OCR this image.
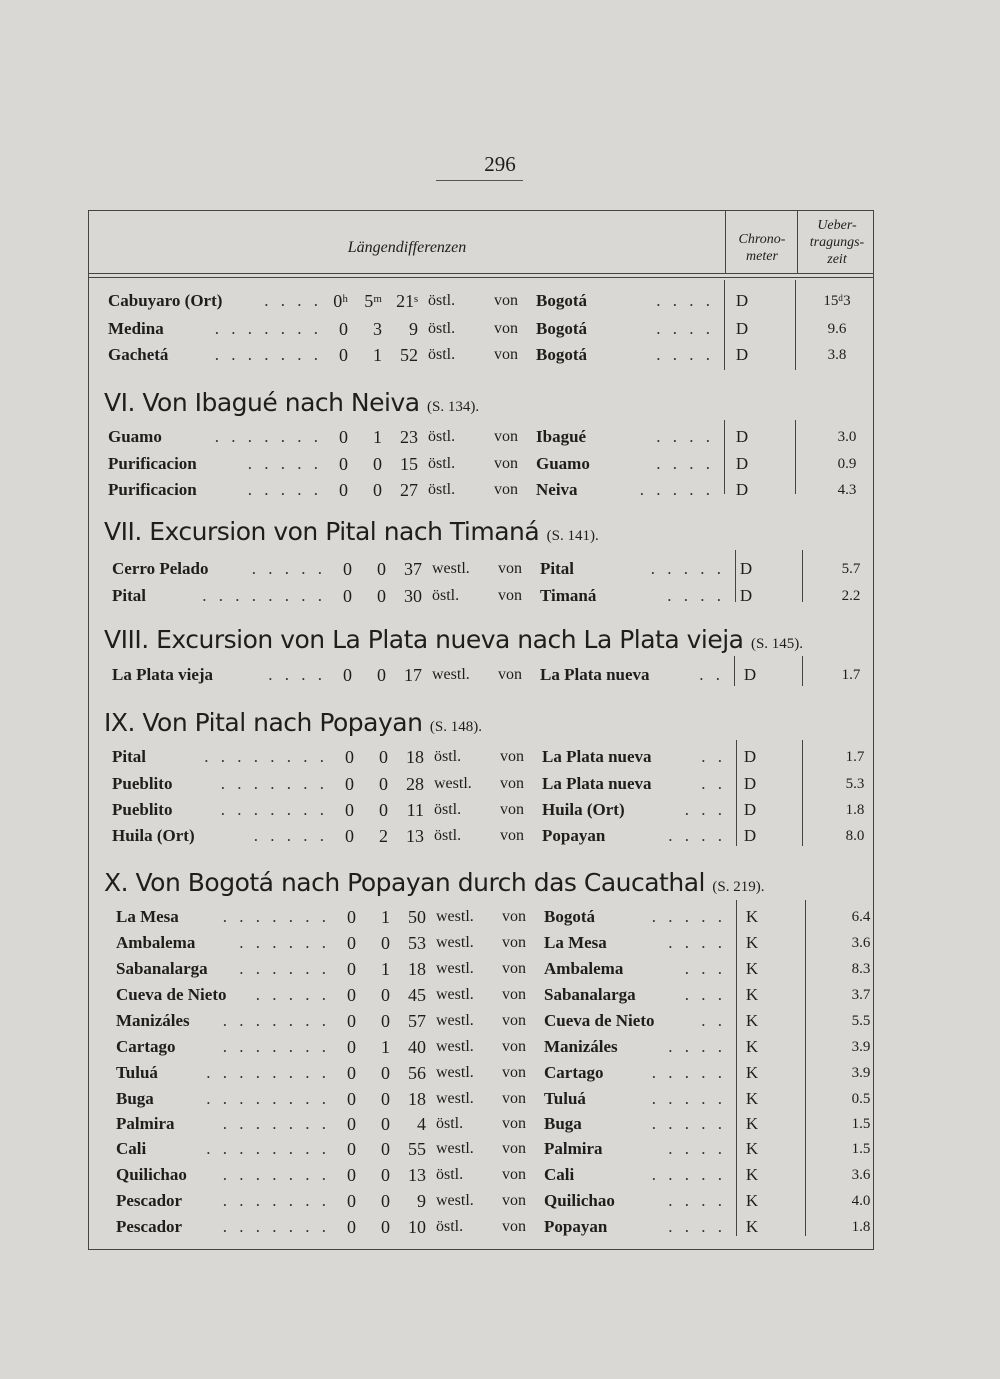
296
Längendifferenzen	Chrono-
meter
Ueber-
tragungs-
zeit
VI. Von Ibagué nach Neiva (S. 134).
VII. Excursion von Pital nach Timaná (S. 141).
VIII. Excursion von La Plata nueva nach La Plata vieja (S. 145).
IX. Von Pital nach Popayan (S. 148).
X. Von Bogotá nach Popayan durch das Caucathal (S. 219).
Cabuyaro (Ort) . . . . 0ʰ 5ᵐ 21ˢ östl. von Bogotá	. . . .	D	15ᵈ3
Medina	. . . . . . . 0	3	9 östl. von Bogotá	. . . .	D	9.6
Gachetá	. . . . . . . 0	1	52 östl. von Bogotá	. . . .	D	3.8
Guamo	. . . . . . . 0	1	23 östl. von Ibagué	. . . .	D	3.0
Purificacion	. . . . . 0	0	15 östl. von Guamo	. . . .	D	0.9
Purificacion	. . . . . 0	0	27 östl. von Neiva	. . . . .	D	4.3
Cerro Pelado	. . . . . 0	0	37 westl. von Pital	. . . . . D	5.7
Pital	. . . . . . . . 0	0	30 östl. von Timaná	. . . . D	2.2
La Plata vieja	. . . . 0	0	17 westl. von La Plata nueva	. .	D	1.7
Pital	. . . . . . . . 0	0	18 östl. von La Plata nueva	. .	D	1.7
Pueblito	. . . . . . . 0	0	28 westl. von La Plata nueva	. .	D	5.3
Pueblito	. . . . . . . 0	0	11 östl. von Huila (Ort)	. . .	D	1.8
Huila (Ort)	. . . . . 0	2	13 östl. von Popayan	. . . .	D	8.0
La Mesa	. . . . . . . 0	1	50 westl. von Bogotá	. . . . .	K	6.4
Ambalema	. . . . . . 0	0	53 westl. von La Mesa	. . . .	K	3.6
Sabanalarga . . . . . . 0	1	18 westl. von Ambalema	. . .	K	8.3
Cueva de Nieto . . . . . 0	0	45 westl. von Sabanalarga	. . .	K	3.7
Manizáles . . . . . . . 0	0	57 westl. von Cueva de Nieto	. .	K	5.5
Cartago	. . . . . . . 0	1	40 westl. von Manizáles	. . . .	K	3.9
Tuluá	. . . . . . . . 0	0	56 westl. von Cartago	. . . . .	K	3.9
Buga	. . . . . . . . 0	0	18 westl. von Tuluá	. . . . .	K	0.5
Palmira	. . . . . . . 0	0	4 östl. von Buga	. . . . .	K	1.5
Cali	. . . . . . . . 0	0	55 westl. von Palmira	. . . .	K	1.5
Quilichao . . . . . . . 0	0	13 östl. von Cali	. . . . .	K	3.6
Pescador . . . . . . . 0	0	9 westl. von Quilichao	. . . .	K	4.0
Pescador . . . . . . . 0	0	10 östl. von Popayan	. . . .	K	1.8
